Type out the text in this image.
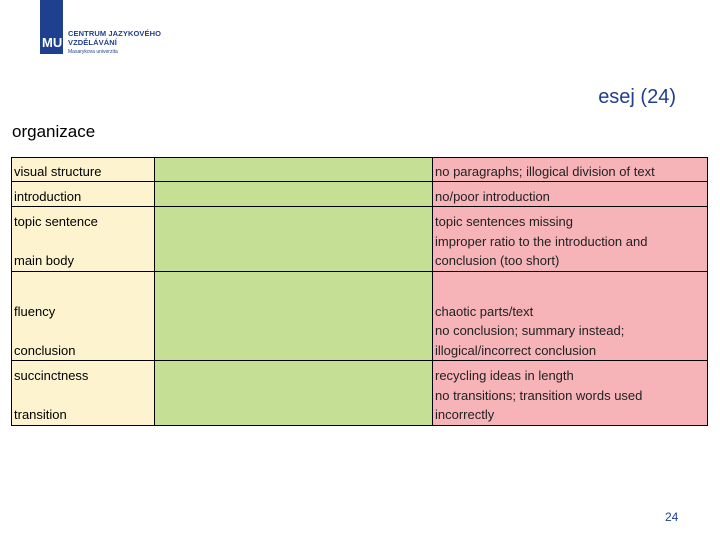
MU
CENTRUM JAZYKOVÉHO
VZDĚLÁVÁNÍ
Masarykova univerzita
esej (24)
organizace
visual structure		no paragraphs; illogical division of text
introduction		no/poor introduction
topic sentence		topic sentences missing
main body		improper ratio to the introduction and conclusion (too short)
fluency		chaotic parts/text
conclusion		no conclusion; summary instead; illogical/incorrect conclusion
succinctness		recycling ideas in length
transition		no transitions; transition words used incorrectly
24
